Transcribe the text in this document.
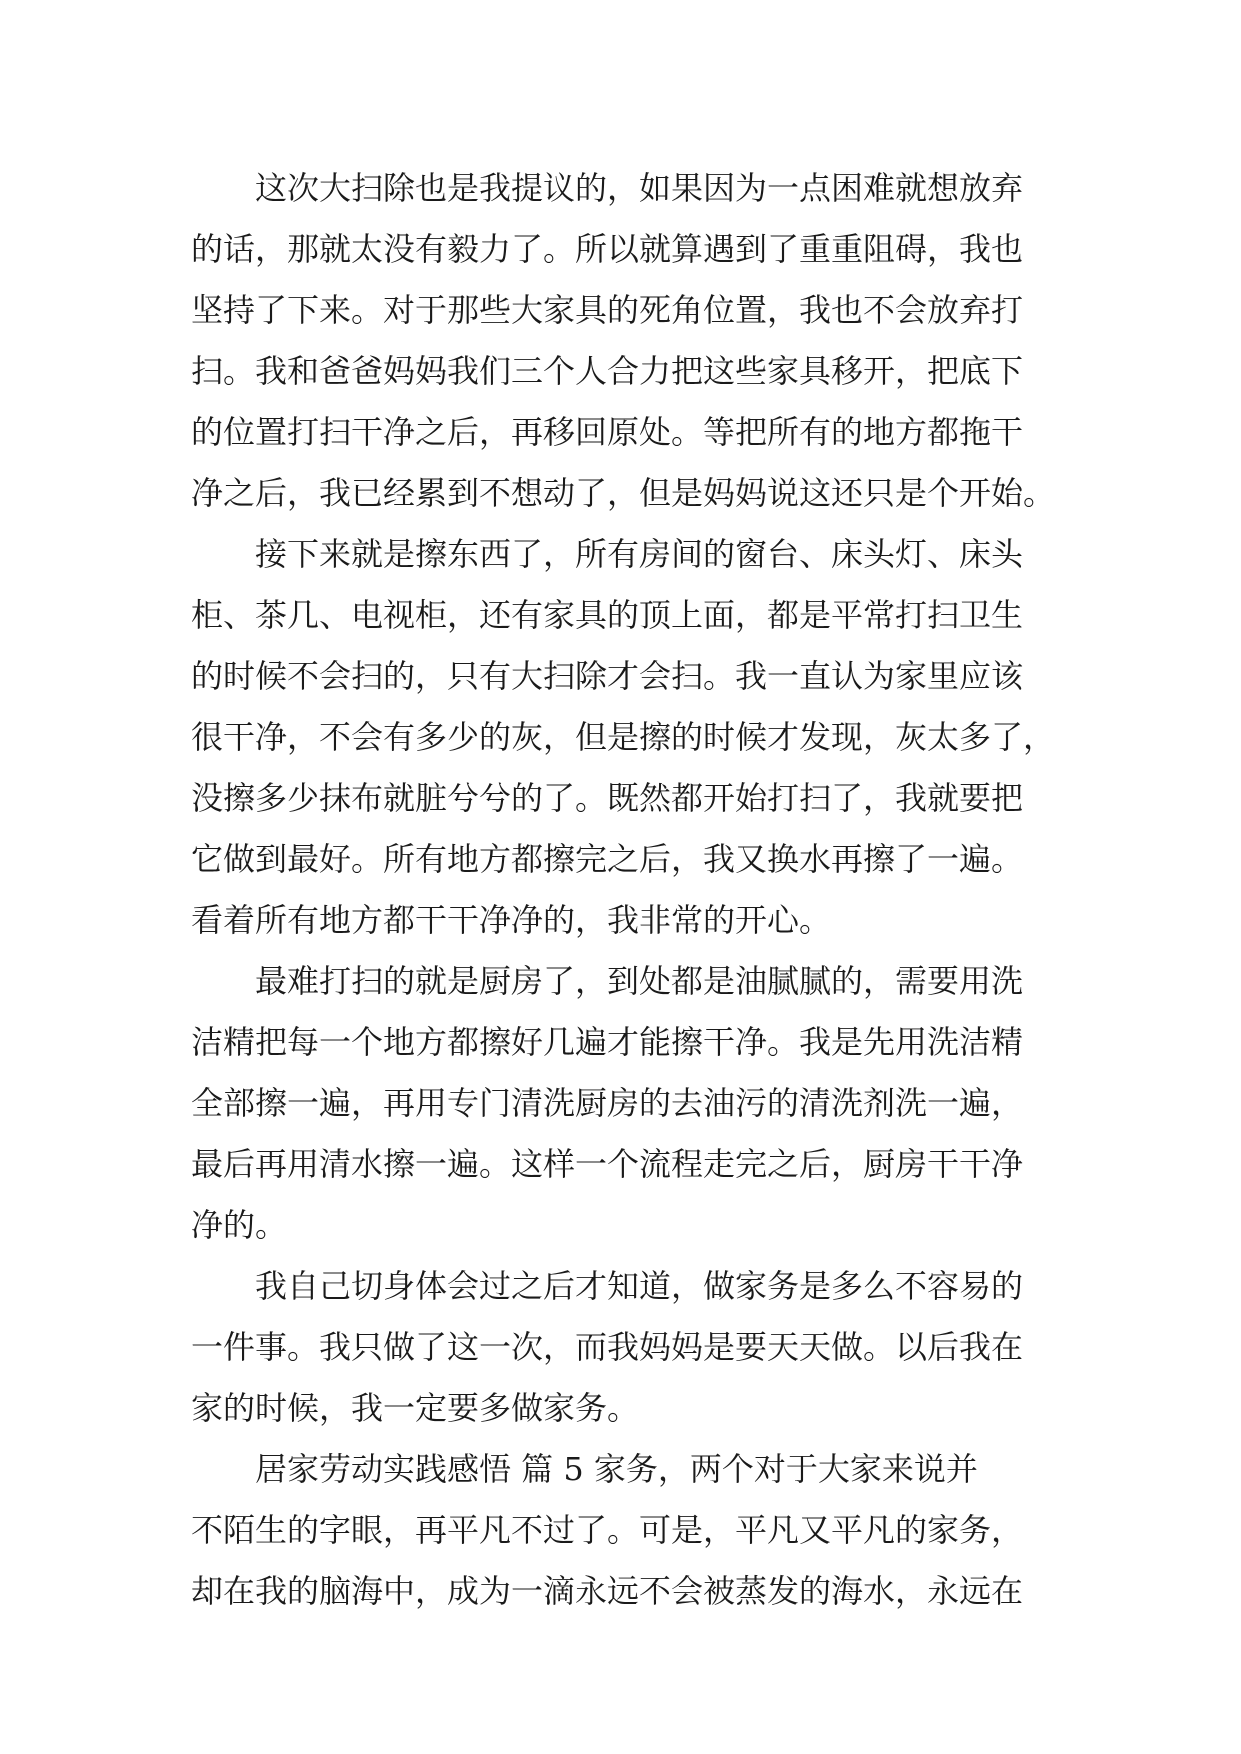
这次大扫除也是我提议的，如果因为一点困难就想放弃
的话，那就太没有毅力了。所以就算遇到了重重阻碍，我也
坚持了下来。对于那些大家具的死角位置，我也不会放弃打
扫。我和爸爸妈妈我们三个人合力把这些家具移开，把底下
的位置打扫干净之后，再移回原处。等把所有的地方都拖干
净之后，我已经累到不想动了，但是妈妈说这还只是个开始。

接下来就是擦东西了，所有房间的窗台、床头灯、床头
柜、茶几、电视柜，还有家具的顶上面，都是平常打扫卫生
的时候不会扫的，只有大扫除才会扫。我一直认为家里应该
很干净，不会有多少的灰，但是擦的时候才发现，灰太多了，
没擦多少抹布就脏兮兮的了。既然都开始打扫了，我就要把
它做到最好。所有地方都擦完之后，我又换水再擦了一遍。
看着所有地方都干干净净的，我非常的开心。

最难打扫的就是厨房了，到处都是油腻腻的，需要用洗
洁精把每一个地方都擦好几遍才能擦干净。我是先用洗洁精
全部擦一遍，再用专门清洗厨房的去油污的清洗剂洗一遍，
最后再用清水擦一遍。这样一个流程走完之后，厨房干干净
净的。

我自己切身体会过之后才知道，做家务是多么不容易的
一件事。我只做了这一次，而我妈妈是要天天做。以后我在
家的时候，我一定要多做家务。

居家劳动实践感悟 篇 5 家务，两个对于大家来说并
不陌生的字眼，再平凡不过了。可是，平凡又平凡的家务，
却在我的脑海中，成为一滴永远不会被蒸发的海水，永远在
